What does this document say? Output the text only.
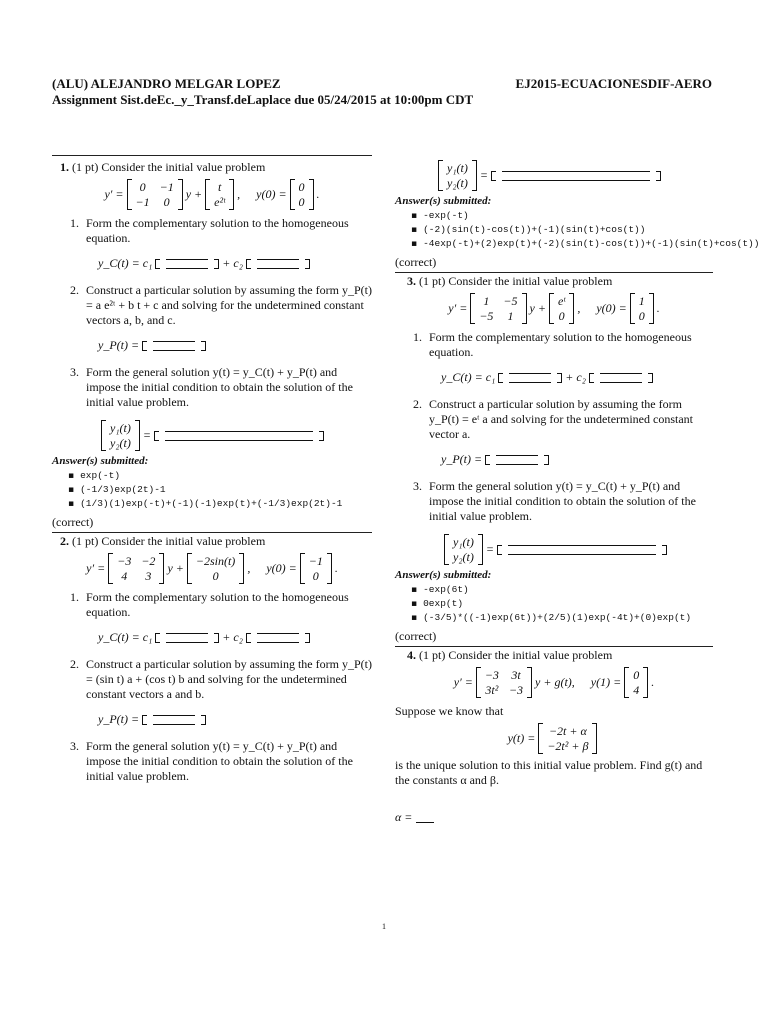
(ALU) ALEJANDRO MELGAR LOPEZ	EJ2015-ECUACIONESDIF-AERO
Assignment Sist.deEc._y_Transf.deLaplace due 05/24/2015 at 10:00pm CDT
1. (1 pt) Consider the initial value problem
y′ =	0	−1
−1	0
y +	t
e²ᵗ
, y(0) = 0
0
.
1. Form the complementary solution to the homogeneous equation.
y_C(t) = c₁	+ c₂
2. Construct a particular solution by assuming the form y_P(t) = a e²ᵗ + b t + c and solving for the undetermined constant vectors a, b, and c.
y_P(t) =
3. Form the general solution y(t) = y_C(t) + y_P(t) and impose the initial condition to obtain the solution of the initial value problem.
y₁(t)
y₂(t)
=
Answer(s) submitted:
▪ exp(-t)
▪ (-1/3)exp(2t)-1
▪ (1/3)(1)exp(-t)+(-1)(-1)exp(t)+(-1/3)exp(2t)-1
(correct)
2. (1 pt) Consider the initial value problem
y′ = −3 −2
4	3
y + −2sin(t)
0
, y(0) = −1
0
.
1. Form the complementary solution to the homogeneous equation.
y_C(t) = c₁	+ c₂
2. Construct a particular solution by assuming the form y_P(t) = (sin t) a + (cos t) b and solving for the undetermined constant vectors a and b.
y_P(t) =
3. Form the general solution y(t) = y_C(t) + y_P(t) and impose the initial condition to obtain the solution of the initial value problem.
y₁(t)
y₂(t)
=
Answer(s) submitted:
▪ -exp(-t)
▪ (-2)(sin(t)-cos(t))+(-1)(sin(t)+cos(t))
▪ -4exp(-t)+(2)exp(t)+(-2)(sin(t)-cos(t))+(-1)(sin(t)+cos(t))
(correct)
3. (1 pt) Consider the initial value problem
y′ =	1	−5
−5	1
y + eᵗ
0
, y(0) = 1
0
.
1. Form the complementary solution to the homogeneous equation.
y_C(t) = c₁	+ c₂
2. Construct a particular solution by assuming the form y_P(t) = eᵗ a and solving for the undetermined constant vector a.
y_P(t) =
3. Form the general solution y(t) = y_C(t) + y_P(t) and impose the initial condition to obtain the solution of the initial value problem.
y₁(t)
y₂(t)
=
Answer(s) submitted:
▪ -exp(6t)
▪ 0exp(t)
▪ (-3/5)*((-1)exp(6t))+(2/5)(1)exp(-4t)+(0)exp(t)
(correct)
4. (1 pt) Consider the initial value problem
y′ = −3 3t
3t² −3
y + g(t), y(1) = 0
4
.
Suppose we know that
y(t) = −2t + α
−2t² + β
is the unique solution to this initial value problem. Find g(t) and the constants α and β.
α =
1
